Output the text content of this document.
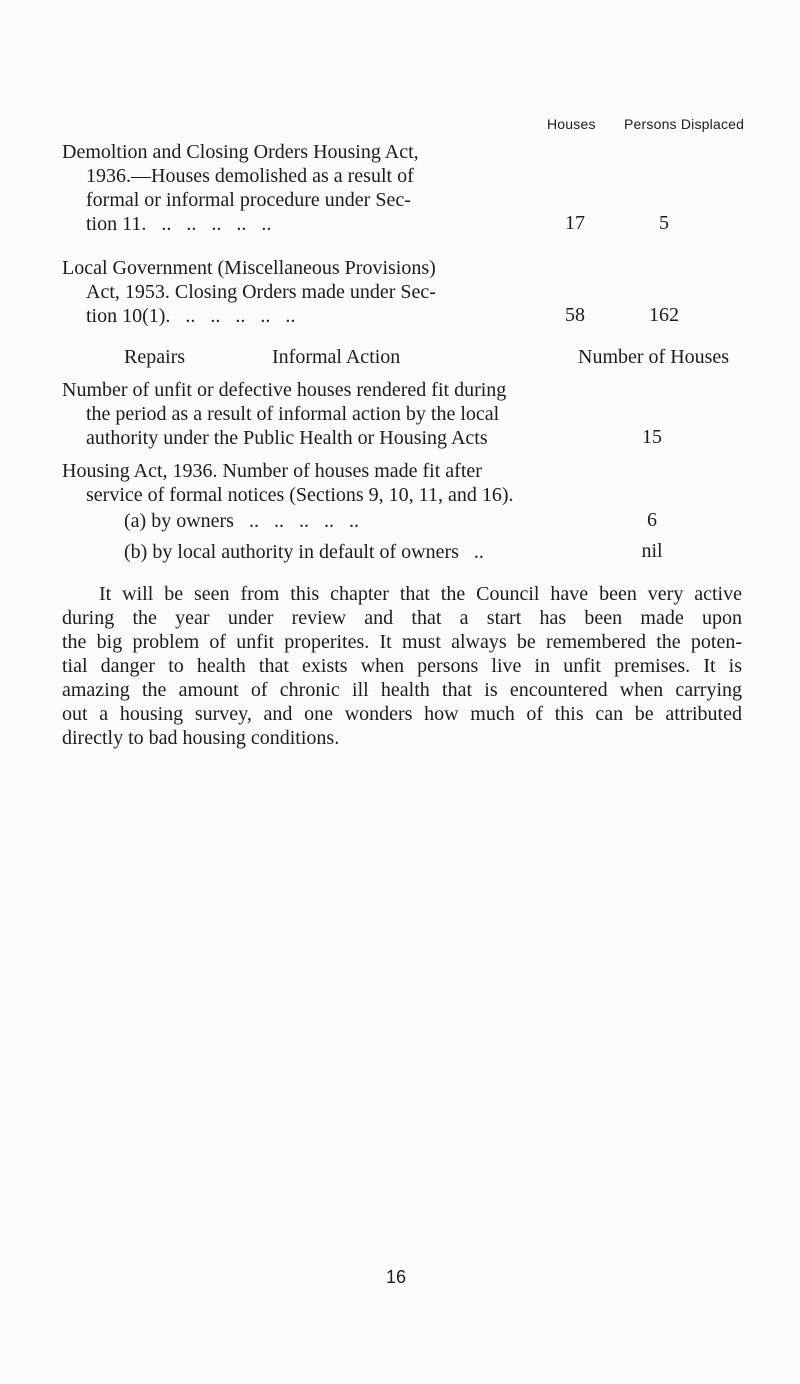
Houses Persons Displaced
Demoltion and Closing Orders Housing Act,
1936.—Houses demolished as a result of
formal or informal procedure under Sec-
tion 11.   ..   ..   ..   ..   ..	17	5
Local Government (Miscellaneous Provisions)
Act, 1953. Closing Orders made under Sec-
tion 10(1).   ..   ..   ..   ..   ..	58	162
Repairs	Informal Action	Number of Houses
Number of unfit or defective houses rendered fit during
the period as a result of informal action by the local
authority under the Public Health or Housing Acts	15
Housing Act, 1936. Number of houses made fit after
service of formal notices (Sections 9, 10, 11, and 16).
(a) by owners   ..   ..   ..   ..   ..	6
(b) by local authority in default of owners   ..	nil
It will be seen from this chapter that the Council have been very active
during the year under review and that a start has been made upon
the big problem of unfit properites. It must always be remembered the poten-
tial danger to health that exists when persons live in unfit premises. It is
amazing the amount of chronic ill health that is encountered when carrying
out a housing survey, and one wonders how much of this can be attributed
directly to bad housing conditions.
16
